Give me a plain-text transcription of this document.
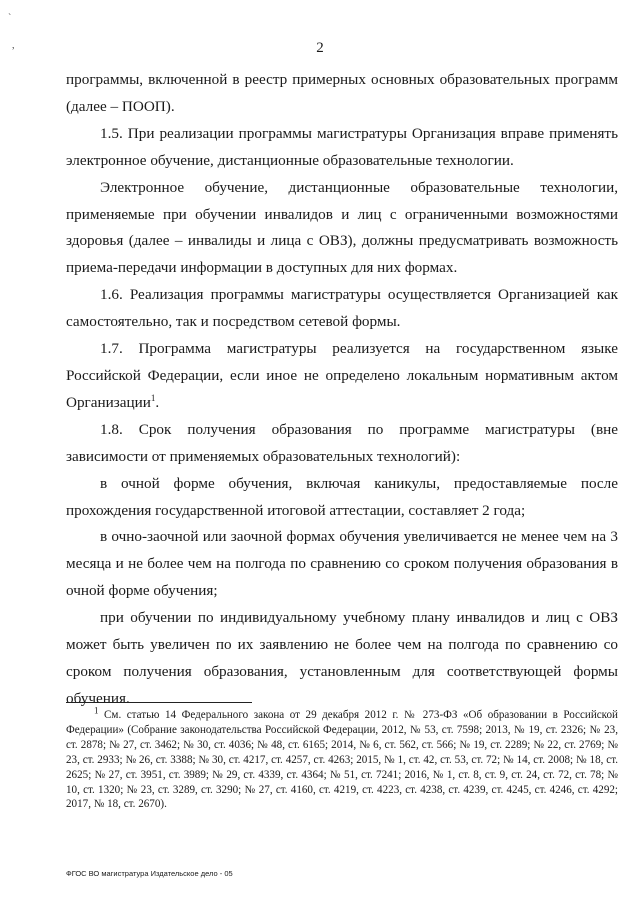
`
,	2

программы, включенной в реестр примерных основных образовательных программ (далее – ПООП).

1.5. При реализации программы магистратуры Организация вправе применять электронное обучение, дистанционные образовательные технологии.

Электронное обучение, дистанционные образовательные технологии, применяемые при обучении инвалидов и лиц с ограниченными возможностями здоровья (далее – инвалиды и лица с ОВЗ), должны предусматривать возможность приема-передачи информации в доступных для них формах.

1.6. Реализация программы магистратуры осуществляется Организацией как самостоятельно, так и посредством сетевой формы.

1.7. Программа магистратуры реализуется на государственном языке Российской Федерации, если иное не определено локальным нормативным актом Организации$^1$.

1.8. Срок получения образования по программе магистратуры (вне зависимости от применяемых образовательных технологий):

в очной форме обучения, включая каникулы, предоставляемые после прохождения государственной итоговой аттестации, составляет 2 года;

в очно-заочной или заочной формах обучения увеличивается не менее чем на 3 месяца и не более чем на полгода по сравнению со сроком получения образования в очной форме обучения;

при обучении по индивидуальному учебному плану инвалидов и лиц с ОВЗ может быть увеличен по их заявлению не более чем на полгода по сравнению со сроком получения образования, установленным для соответствующей формы обучения.

$^1$ См. статью 14 Федерального закона от 29 декабря 2012 г. № 273-ФЗ «Об образовании в Российской Федерации» (Собрание законодательства Российской Федерации, 2012, № 53, ст. 7598; 2013, № 19, ст. 2326; № 23, ст. 2878; № 27, ст. 3462; № 30, ст. 4036; № 48, ст. 6165; 2014, № 6, ст. 562, ст. 566; № 19, ст. 2289; № 22, ст. 2769; № 23, ст. 2933; № 26, ст. 3388; № 30, ст. 4217, ст. 4257, ст. 4263; 2015, № 1, ст. 42, ст. 53, ст. 72; № 14, ст. 2008; № 18, ст. 2625; № 27, ст. 3951, ст. 3989; № 29, ст. 4339, ст. 4364; № 51, ст. 7241; 2016, № 1, ст. 8, ст. 9, ст. 24, ст. 72, ст. 78; № 10, ст. 1320; № 23, ст. 3289, ст. 3290; № 27, ст. 4160, ст. 4219, ст. 4223, ст. 4238, ст. 4239, ст. 4245, ст. 4246, ст. 4292; 2017, № 18, ст. 2670).

ФГОС ВО магистратура Издательское дело - 05
